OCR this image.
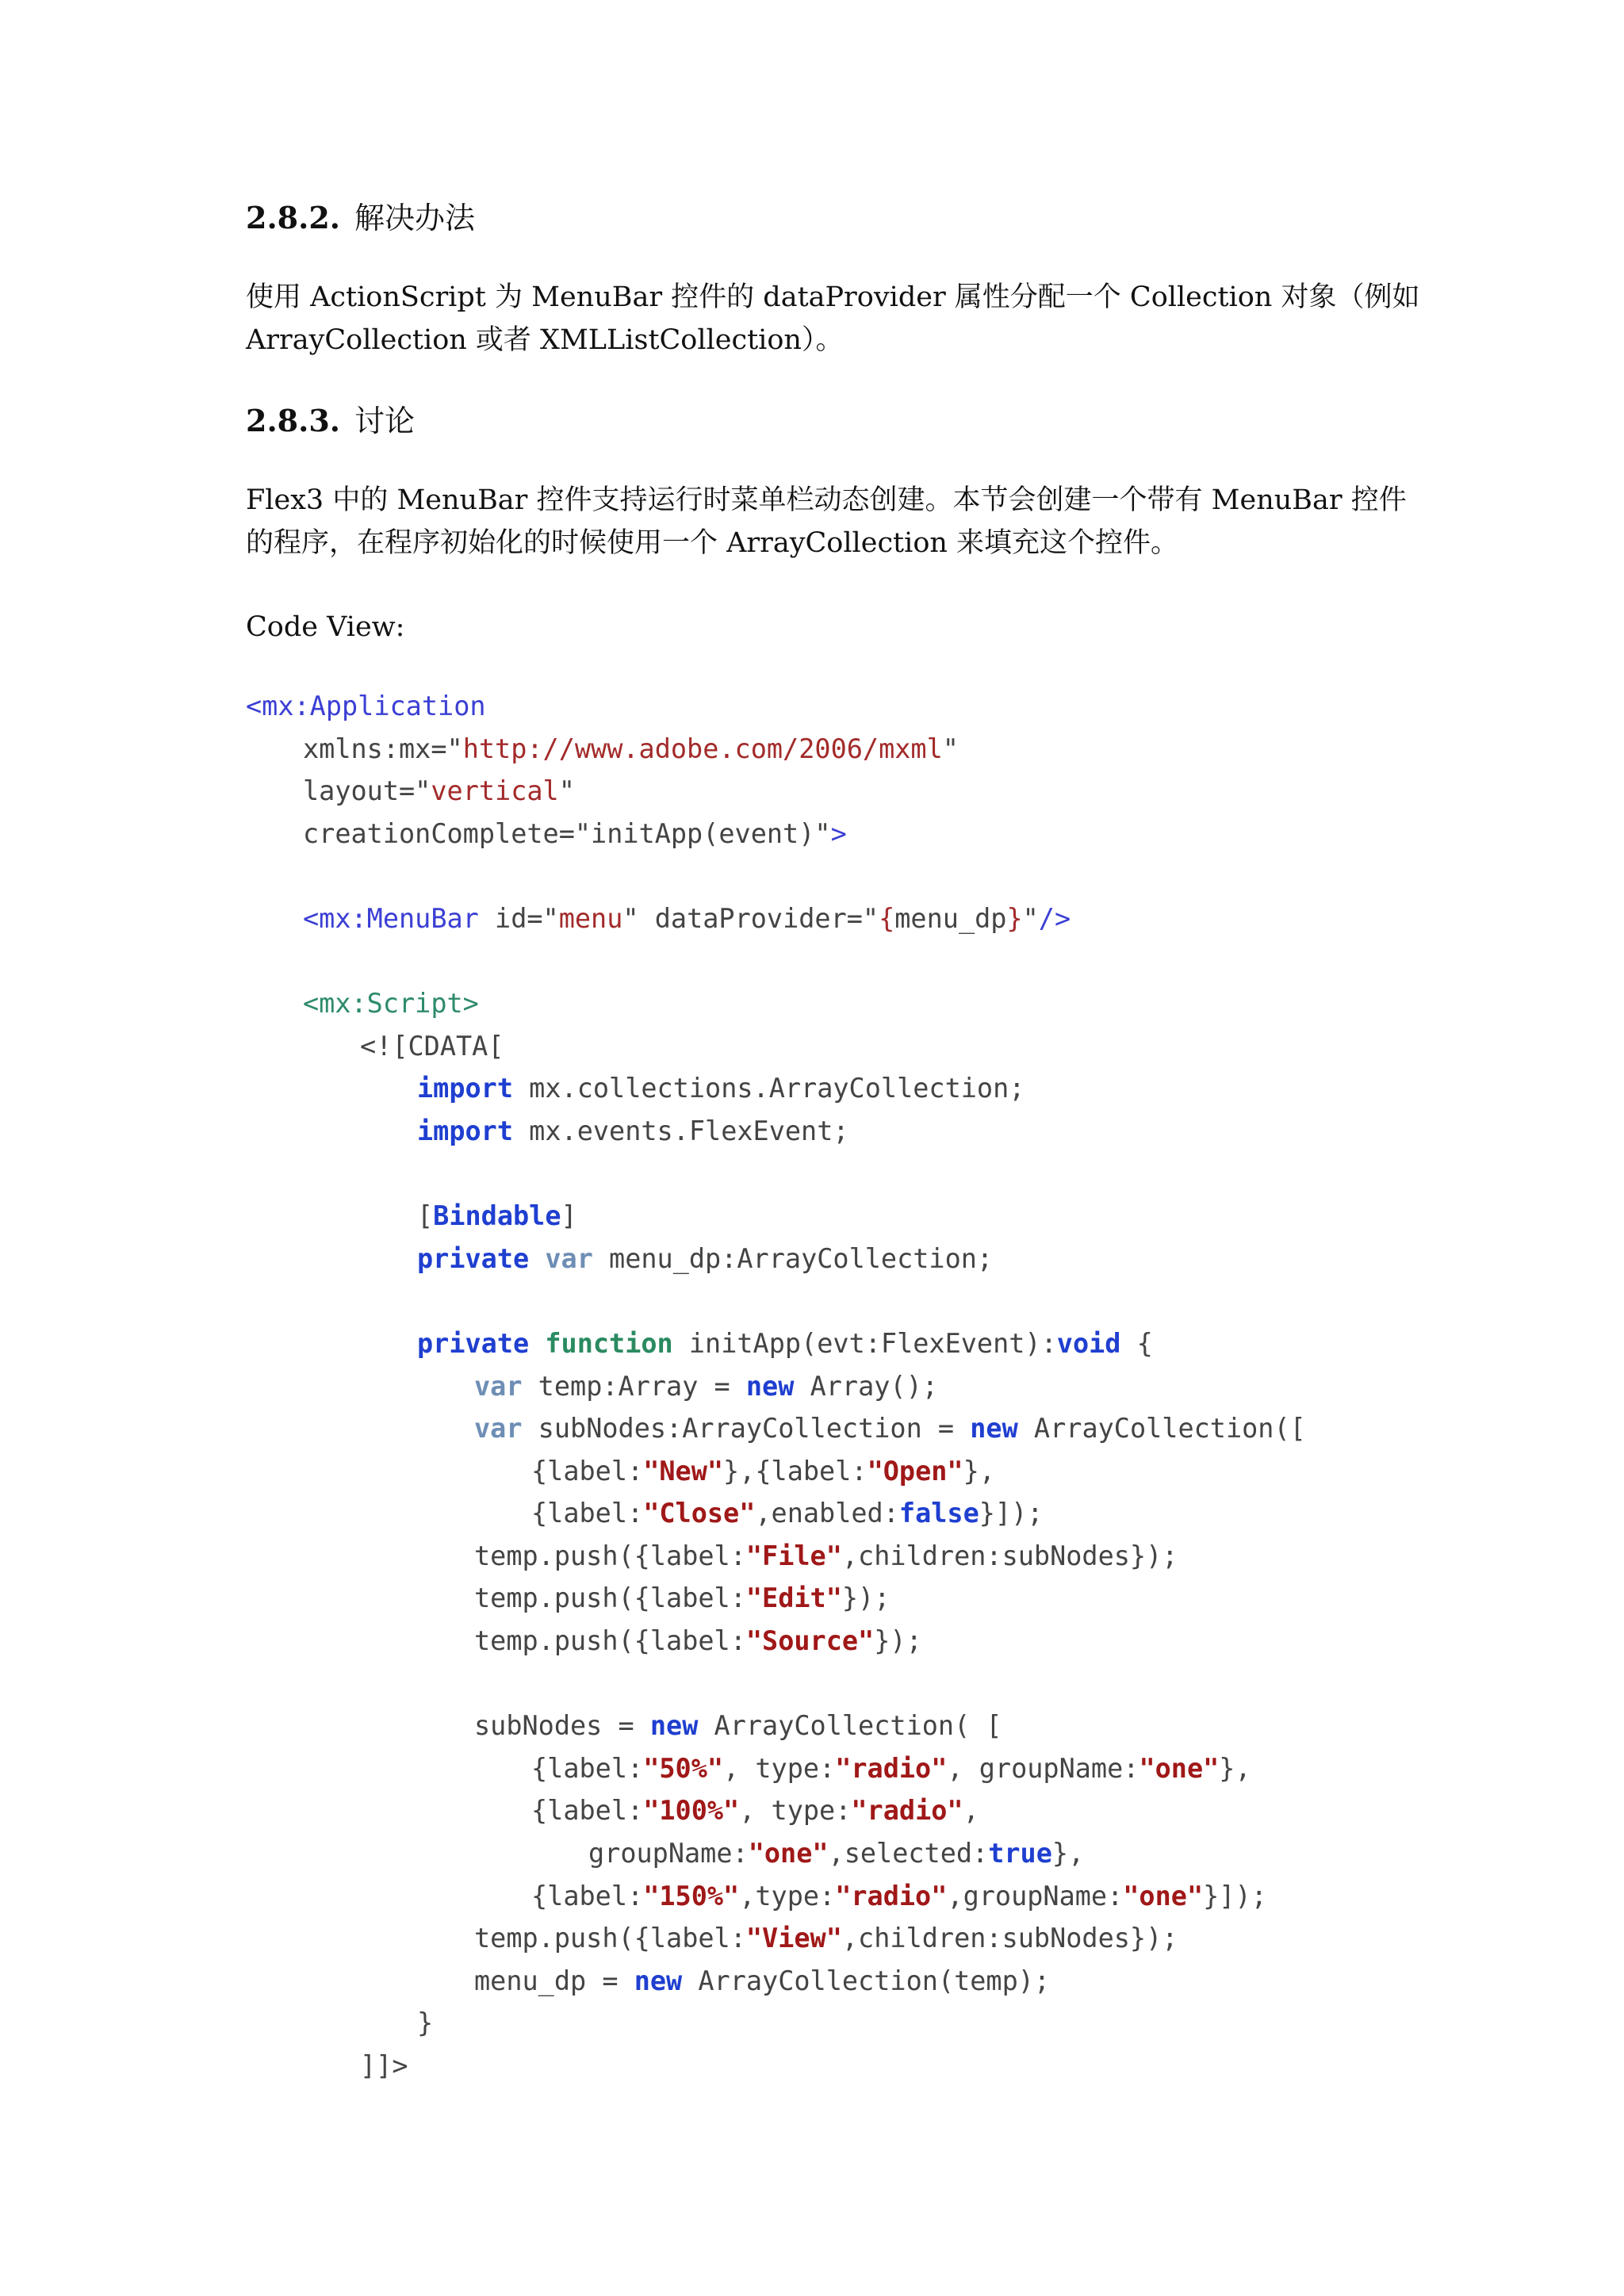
2.8.2. 解决办法

使用 ActionScript 为 MenuBar 控件的 dataProvider 属性分配一个 Collection 对象（例如

ArrayCollection 或者 XMLListCollection）。

2.8.3. 讨论

Flex3 中的 MenuBar 控件支持运行时菜单栏动态创建。本节会创建一个带有 MenuBar 控件

的程序，在程序初始化的时候使用一个 ArrayCollection 来填充这个控件。

Code View:

<mx:Application
xmlns:mx="http://www.adobe.com/2006/mxml"
layout="vertical"
creationComplete="initApp(event)">
<mx:MenuBar id="menu" dataProvider="{menu_dp}"/>
<mx:Script>
<![CDATA[
import mx.collections.ArrayCollection;
import mx.events.FlexEvent;
[Bindable]
private var menu_dp:ArrayCollection;
private function initApp(evt:FlexEvent):void {
var temp:Array = new Array();
var subNodes:ArrayCollection = new ArrayCollection([
{label:"New"},{label:"Open"},
{label:"Close",enabled:false}]);
temp.push({label:"File",children:subNodes});
temp.push({label:"Edit"});
temp.push({label:"Source"});
subNodes = new ArrayCollection( [
{label:"50%", type:"radio", groupName:"one"},
{label:"100%", type:"radio",
groupName:"one",selected:true},
{label:"150%",type:"radio",groupName:"one"}]);
temp.push({label:"View",children:subNodes});
menu_dp = new ArrayCollection(temp);
}
]]>
